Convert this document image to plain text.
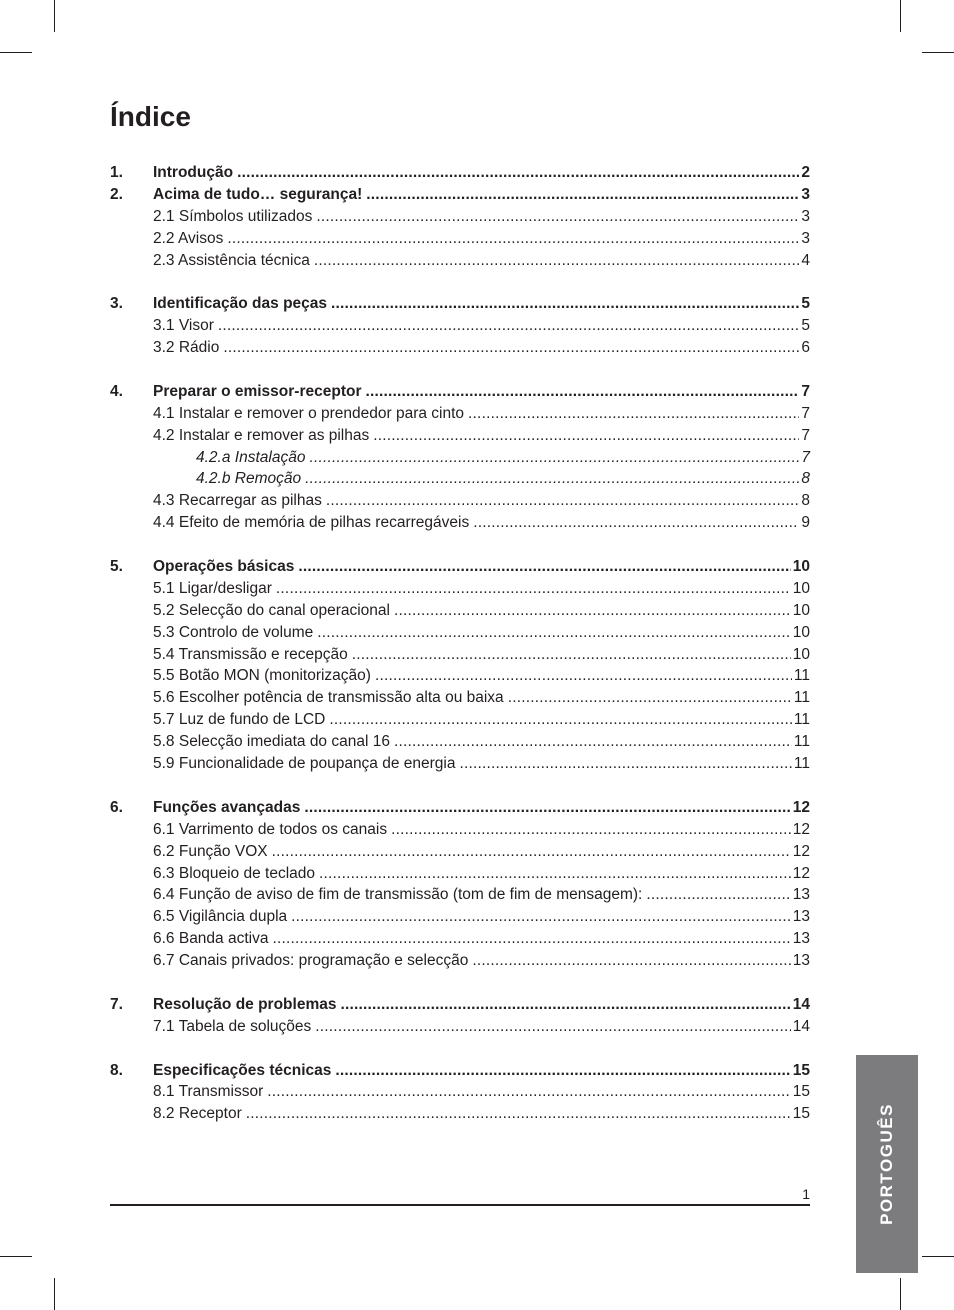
Índice
1.	Introdução .....	2
2.	Acima de tudo… segurança! .....	3
2.1 Símbolos utilizados .....	3
2.2 Avisos .....	3
2.3 Assistência técnica .....	4
3.	Identificação das peças .....	5
3.1 Visor .....	5
3.2 Rádio .....	6
4.	Preparar o emissor-receptor .....	7
4.1 Instalar e remover o prendedor para cinto .....	7
4.2 Instalar e remover as pilhas .....	7
4.2.a Instalação .....	7
4.2.b Remoção .....	8
4.3 Recarregar as pilhas .....	8
4.4 Efeito de memória de pilhas recarregáveis .....	9
5.	Operações básicas .....	10
5.1 Ligar/desligar .....	10
5.2 Selecção do canal operacional .....	10
5.3 Controlo de volume .....	10
5.4 Transmissão e recepção .....	10
5.5 Botão MON (monitorização) .....	11
5.6 Escolher potência de transmissão alta ou baixa .....	11
5.7 Luz de fundo de LCD .....	11
5.8 Selecção imediata do canal 16 .....	11
5.9 Funcionalidade de poupança de energia .....	11
6.	Funções avançadas .....	12
6.1 Varrimento de todos os canais .....	12
6.2 Função VOX .....	12
6.3 Bloqueio de teclado .....	12
6.4 Função de aviso de fim de transmissão (tom de fim de mensagem): .....	13
6.5 Vigilância dupla .....	13
6.6 Banda activa .....	13
6.7 Canais privados: programação e selecção .....	13
7.	Resolução de problemas .....	14
7.1 Tabela de soluções .....	14
8.	Especificações técnicas .....	15
8.1 Transmissor .....	15
8.2 Receptor .....	15
1	PORTOGUÊS
